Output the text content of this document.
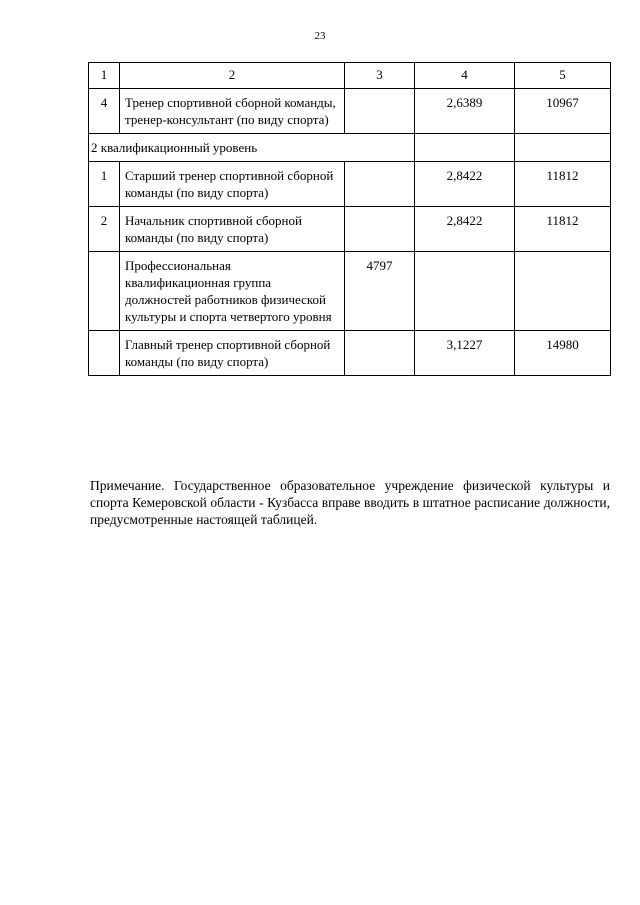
23
1	2	3	4	5
4	Тренер спортивной сборной команды, тренер-консультант (по виду спорта)		2,6389	10967
2 квалификационный уровень				
1	Старший тренер спортивной сборной команды (по виду спорта)		2,8422	11812
2	Начальник спортивной сборной команды (по виду спорта)		2,8422	11812
	Профессиональная квалификационная группа должностей работников физической культуры и спорта четвертого уровня	4797		
	Главный тренер спортивной сборной команды (по виду спорта)		3,1227	14980
Примечание. Государственное образовательное учреждение физической культуры и спорта Кемеровской области - Кузбасса вправе вводить в штатное расписание должности, предусмотренные настоящей таблицей.
